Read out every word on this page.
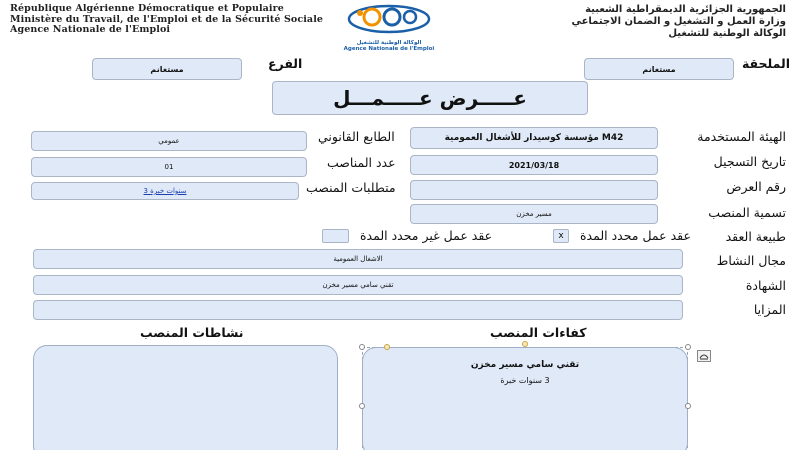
République Algérienne Démocratique et Populaire
Ministère du Travail, de l'Emploi et de la Sécurité Sociale
Agence Nationale de l'Emploi
الوكالة الوطنية للتشغيل
Agence Nationale de l'Emploi
الجمهورية الجزائرية الديمقراطية الشعبية
وزارة العمل و التشغيل و الضمان الاجتماعي
الوكالة الوطنية للتشغيل
الملحقة
مستغانم
الفرع
مستغانم
عـــــرض عـــــمـــل
الهيئة المستخدمة
مؤسسة كوسيدار للأشغال العمومية M42
الطابع القانوني
عمومي
تاريخ التسجيل
2021/03/18
عدد المناصب
01
رقم العرض
متطلبات المنصب
3 سنوات خبرة
تسمية المنصب
مسير مخزن
طبيعة العقد
عقد عمل محدد المدة
x
عقد عمل غير محدد المدة
مجال النشاط
الاشغال العمومية
الشهادة
تقني سامي مسير مخزن
المزايا
نشاطات المنصب	كفاءات المنصب
تقني سامي مسير مخزن
3 سنوات خبرة
